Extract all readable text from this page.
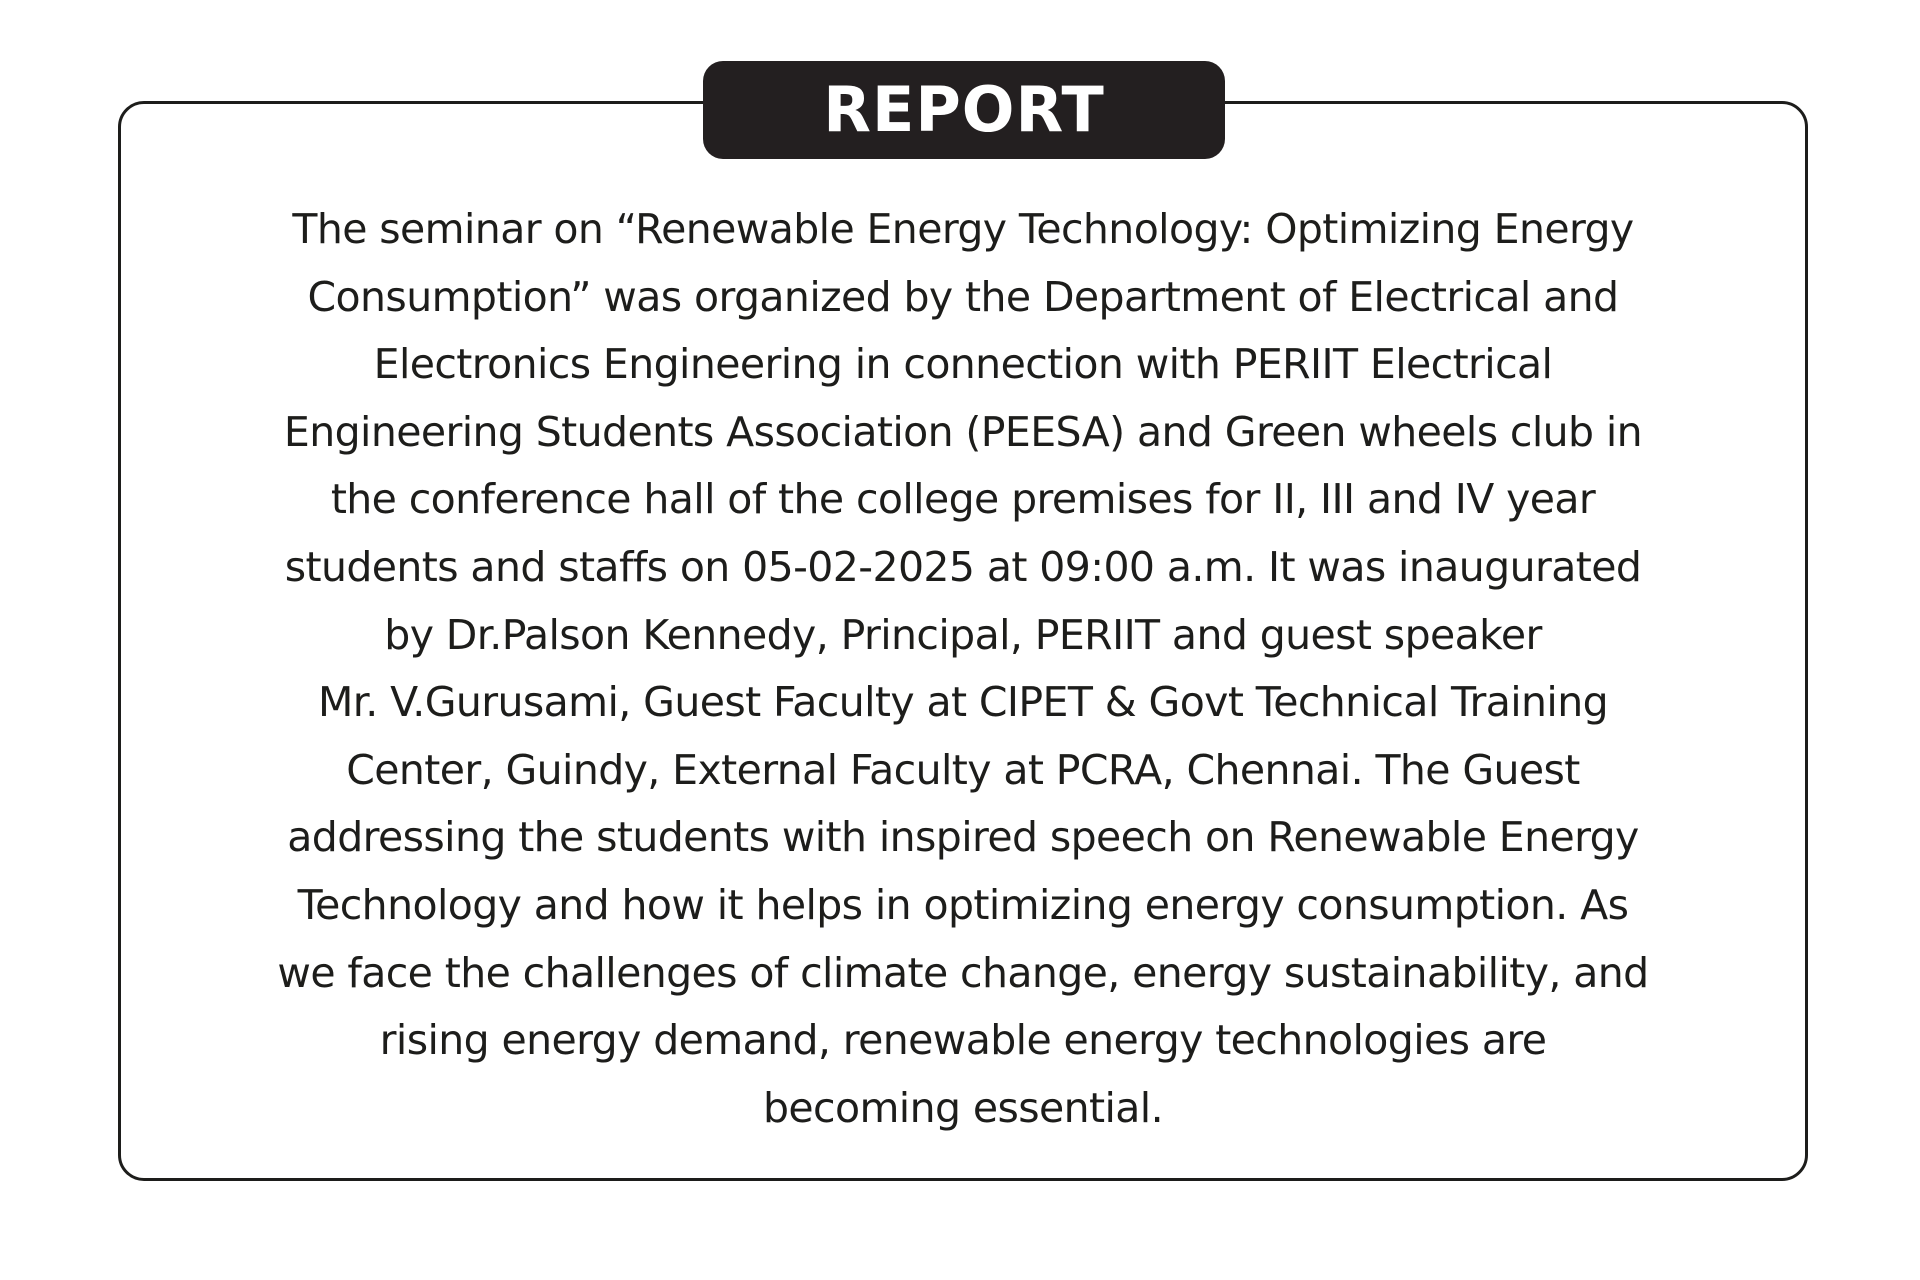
REPORT

The seminar on “Renewable Energy Technology: Optimizing Energy
Consumption” was organized by the Department of Electrical and
Electronics Engineering in connection with PERIIT Electrical
Engineering Students Association (PEESA) and Green wheels club in
the conference hall of the college premises for II, III and IV year
students and staffs on 05-02-2025 at 09:00 a.m. It was inaugurated
by Dr.Palson Kennedy, Principal, PERIIT and guest speaker
Mr. V.Gurusami, Guest Faculty at CIPET & Govt Technical Training
Center, Guindy, External Faculty at PCRA, Chennai. The Guest
addressing the students with inspired speech on Renewable Energy
Technology and how it helps in optimizing energy consumption. As
we face the challenges of climate change, energy sustainability, and
rising energy demand, renewable energy technologies are
becoming essential.
